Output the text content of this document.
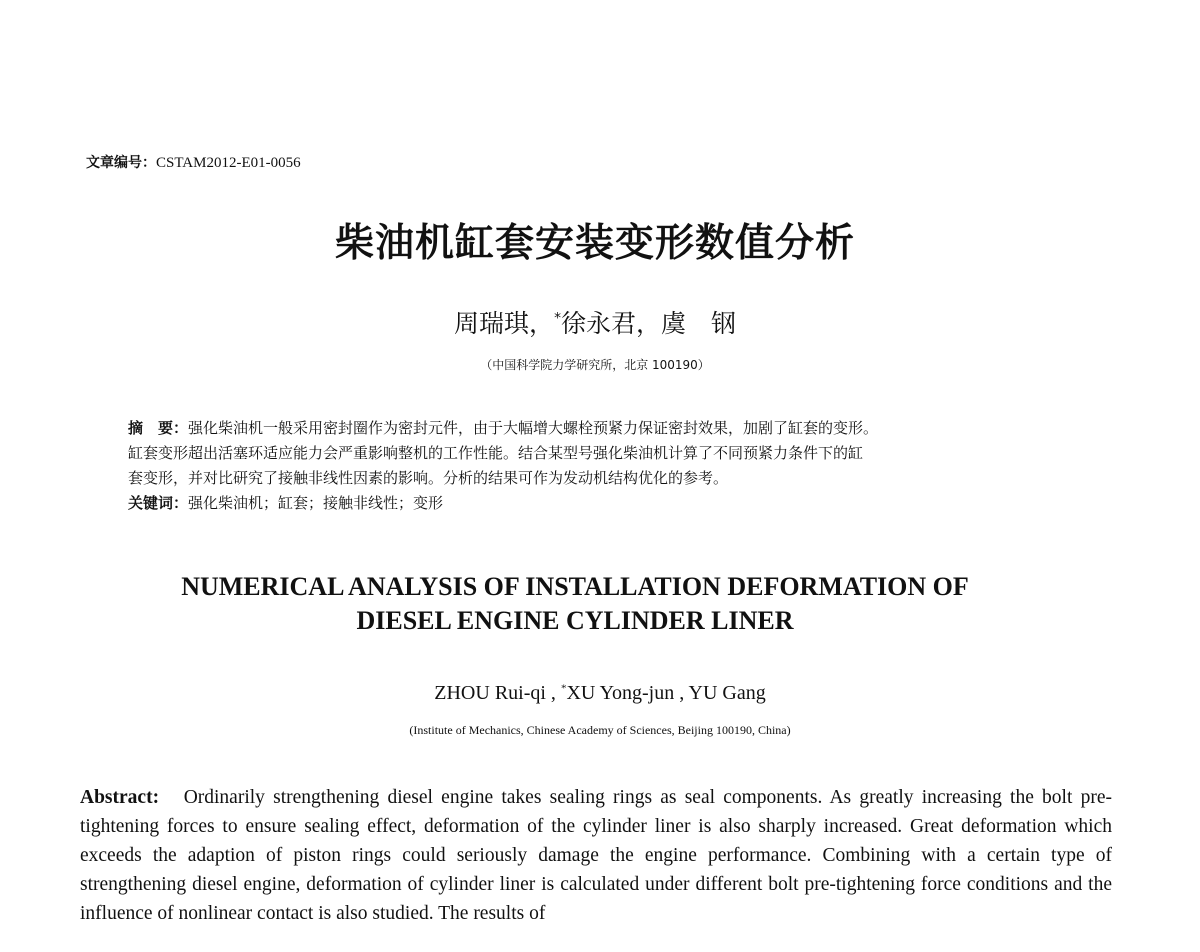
文章编号：CSTAM2012-E01-0056
柴油机缸套安装变形数值分析
周瑞琪，*徐永君，虞　钢
（中国科学院力学研究所，北京 100190）
摘　要：强化柴油机一般采用密封圈作为密封元件，由于大幅增大螺栓预紧力保证密封效果，加剧了缸套的变形。
缸套变形超出活塞环适应能力会严重影响整机的工作性能。结合某型号强化柴油机计算了不同预紧力条件下的缸
套变形，并对比研究了接触非线性因素的影响。分析的结果可作为发动机结构优化的参考。
关键词：强化柴油机；缸套；接触非线性；变形
NUMERICAL ANALYSIS OF INSTALLATION DEFORMATION OF
DIESEL ENGINE CYLINDER LINER
ZHOU Rui-qi , *XU Yong-jun , YU Gang
(Institute of Mechanics, Chinese Academy of Sciences, Beijing 100190, China)
Abstract: Ordinarily strengthening diesel engine takes sealing rings as seal components. As greatly increasing the bolt pre-tightening forces to ensure sealing effect, deformation of the cylinder liner is also sharply increased. Great deformation which exceeds the adaption of piston rings could seriously damage the engine performance. Combining with a certain type of strengthening diesel engine, deformation of cylinder liner is calculated under different bolt pre-tightening force conditions and the influence of nonlinear contact is also studied. The results of
